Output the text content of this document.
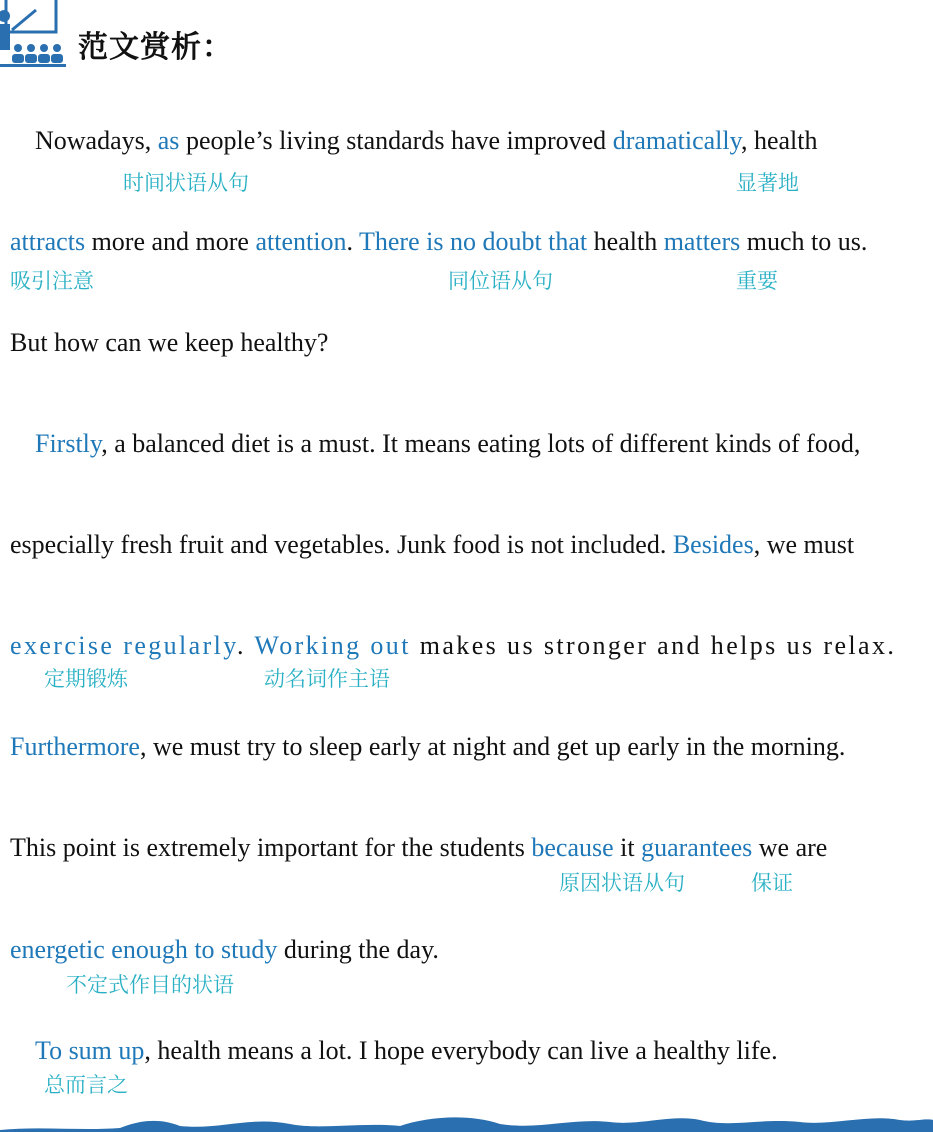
范文赏析：
Nowadays, as people’s living standards have improved dramatically, health
时间状语从句	显著地
attracts more and more attention. There is no doubt that health matters much to us.
吸引注意	同位语从句	重要
But how can we keep healthy?
Firstly, a balanced diet is a must. It means eating lots of different kinds of food,
especially fresh fruit and vegetables. Junk food is not included. Besides, we must
exercise regularly. Working out makes us stronger and helps us relax.
定期锻炼	动名词作主语
Furthermore, we must try to sleep early at night and get up early in the morning.
This point is extremely important for the students because it guarantees we are
原因状语从句	保证
energetic enough to study during the day.
不定式作目的状语
To sum up, health means a lot. I hope everybody can live a healthy life.
总而言之
